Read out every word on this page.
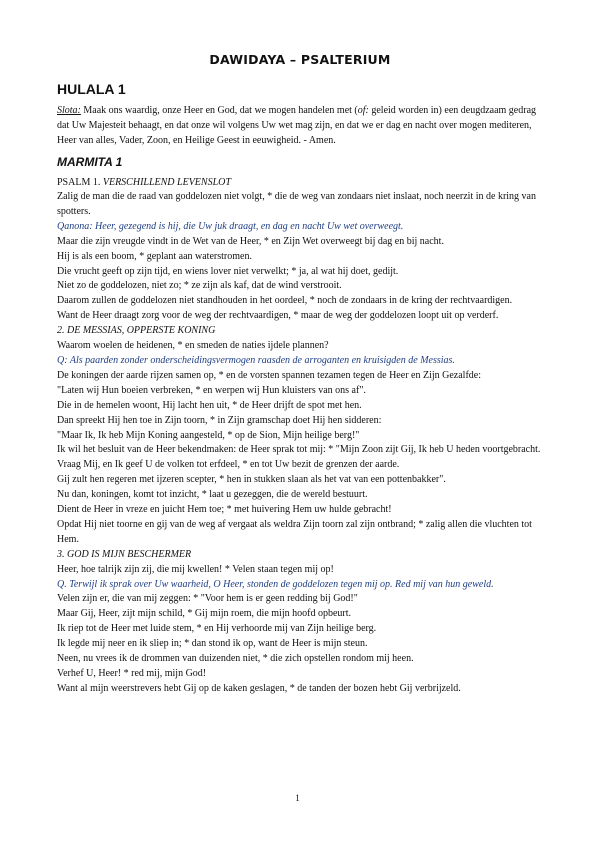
DAWIDAYA – PSALTERIUM
HULALA 1

Slota: Maak ons waardig, onze Heer en God, dat we mogen handelen met (of: geleid worden in) een deugdzaam gedrag dat Uw Majesteit behaagt, en dat onze wil volgens Uw wet mag zijn, en dat we er dag en nacht over mogen mediteren, Heer van alles, Vader, Zoon, en Heilige Geest in eeuwigheid. - Amen.

MARMITA 1

PSALM 1. VERSCHILLEND LEVENSLOT

Zalig de man die de raad van goddelozen niet volgt, * die de weg van zondaars niet inslaat, noch neerzit in de kring van spotters.

Qanona: Heer, gezegend is hij, die Uw juk draagt, en dag en nacht Uw wet overweegt.

Maar die zijn vreugde vindt in de Wet van de Heer, * en Zijn Wet overweegt bij dag en bij nacht.

Hij is als een boom, * geplant aan waterstromen.

Die vrucht geeft op zijn tijd, en wiens lover niet verwelkt; * ja, al wat hij doet, gedijt.

Niet zo de goddelozen, niet zo; * ze zijn als kaf, dat de wind verstrooit.

Daarom zullen de goddelozen niet standhouden in het oordeel, * noch de zondaars in de kring der rechtvaardigen.

Want de Heer draagt zorg voor de weg der rechtvaardigen, * maar de weg der goddelozen loopt uit op verderf.

2. DE MESSIAS, OPPERSTE KONING

Waarom woelen de heidenen, * en smeden de naties ijdele plannen?

Q: Als paarden zonder onderscheidingsvermogen raasden de arroganten en kruisigden de Messias.

De koningen der aarde rijzen samen op, * en de vorsten spannen tezamen tegen de Heer en Zijn Gezalfde:

"Laten wij Hun boeien verbreken, * en werpen wij Hun kluisters van ons af".

Die in de hemelen woont, Hij lacht hen uit, * de Heer drijft de spot met hen.

Dan spreekt Hij hen toe in Zijn toorn, * in Zijn gramschap doet Hij hen sidderen:

"Maar Ik, Ik heb Mijn Koning aangesteld, * op de Sion, Mijn heilige berg!"

Ik wil het besluit van de Heer bekendmaken: de Heer sprak tot mij: * "Mijn Zoon zijt Gij, Ik heb U heden voortgebracht.

Vraag Mij, en Ik geef U de volken tot erfdeel, * en tot Uw bezit de grenzen der aarde.

Gij zult hen regeren met ijzeren scepter, * hen in stukken slaan als het vat van een pottenbakker".

Nu dan, koningen, komt tot inzicht, * laat u gezeggen, die de wereld bestuurt.

Dient de Heer in vreze en juicht Hem toe; * met huivering Hem uw hulde gebracht!

Opdat Hij niet toorne en gij van de weg af vergaat als weldra Zijn toorn zal zijn ontbrand; * zalig allen die vluchten tot Hem.

3. GOD IS MIJN BESCHERMER

Heer, hoe talrijk zijn zij, die mij kwellen! * Velen staan tegen mij op!

Q. Terwijl ik sprak over Uw waarheid, O Heer, stonden de goddelozen tegen mij op. Red mij van hun geweld.

Velen zijn er, die van mij zeggen: * "Voor hem is er geen redding bij God!"

Maar Gij, Heer, zijt mijn schild, * Gij mijn roem, die mijn hoofd opbeurt.

Ik riep tot de Heer met luide stem, * en Hij verhoorde mij van Zijn heilige berg.

Ik legde mij neer en ik sliep in; * dan stond ik op, want de Heer is mijn steun.

Neen, nu vrees ik de drommen van duizenden niet, * die zich opstellen rondom mij heen.

Verhef U, Heer! * red mij, mijn God!

Want al mijn weerstrevers hebt Gij op de kaken geslagen, * de tanden der bozen hebt Gij verbrijzeld.

1
